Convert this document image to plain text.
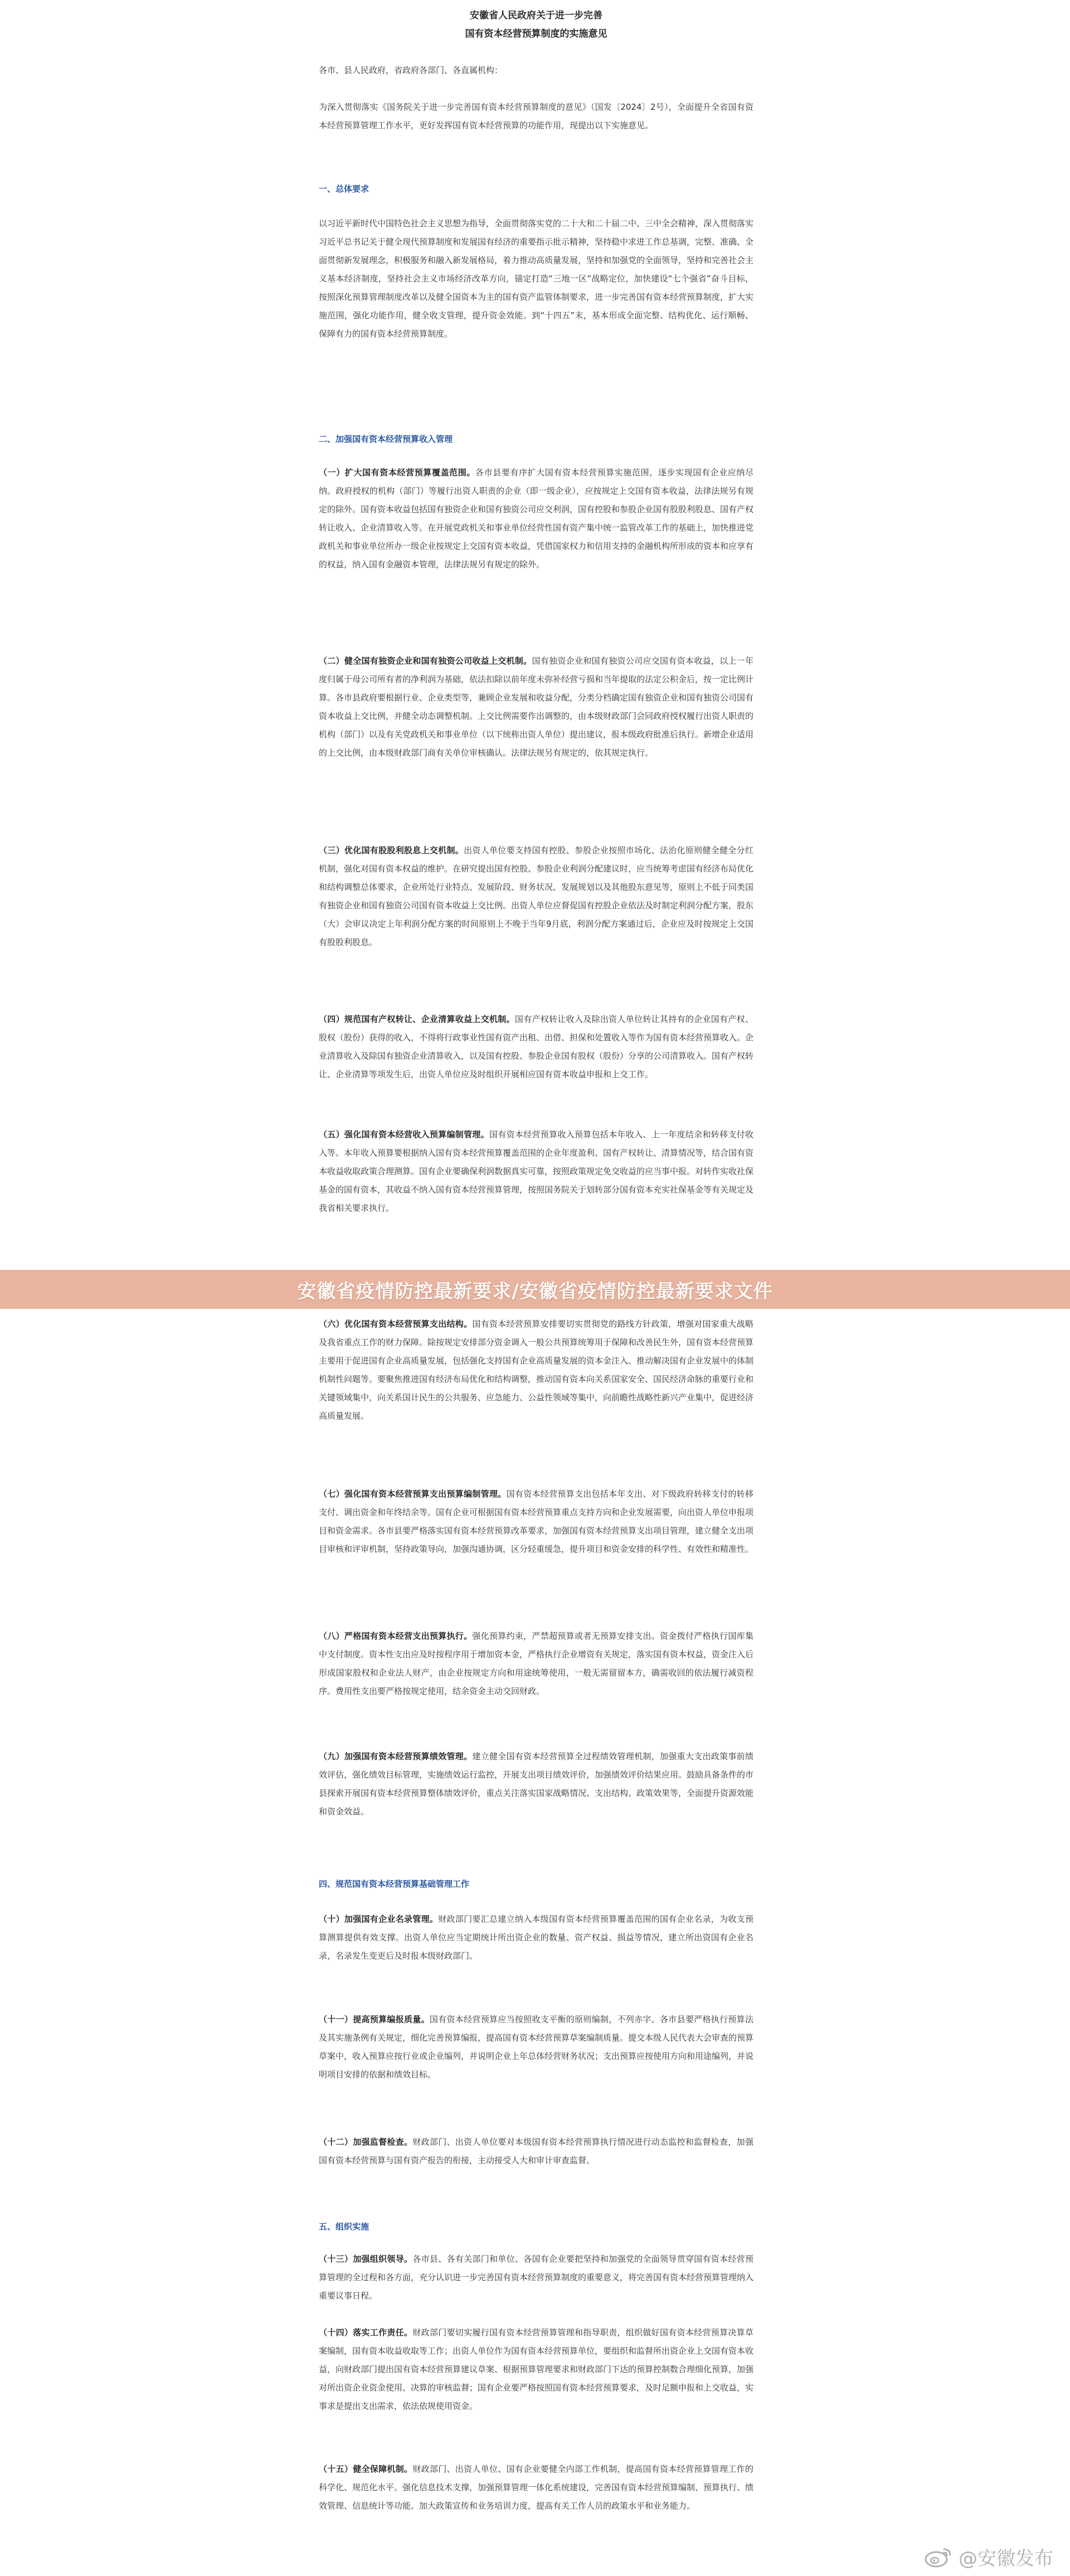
安徽省人民政府关于进一步完善
国有资本经营预算制度的实施意见

各市、县人民政府，省政府各部门、各直属机构：

为深入贯彻落实《国务院关于进一步完善国有资本经营预算制度的意见》（国发〔2024〕2号），全面提升全省国有资本经营预算管理工作水平，更好发挥国有资本经营预算的功能作用，现提出以下实施意见。

一、总体要求

以习近平新时代中国特色社会主义思想为指导，全面贯彻落实党的二十大和二十届二中、三中全会精神，深入贯彻落实习近平总书记关于健全现代预算制度和发展国有经济的重要指示批示精神，坚持稳中求进工作总基调，完整、准确、全面贯彻新发展理念，积极服务和融入新发展格局，着力推动高质量发展，坚持和加强党的全面领导，坚持和完善社会主义基本经济制度，坚持社会主义市场经济改革方向，锚定打造“三地一区”战略定位，加快建设“七个强省”奋斗目标，按照深化预算管理制度改革以及健全国资本为主的国有资产监管体制要求，进一步完善国有资本经营预算制度，扩大实施范围，强化功能作用，健全收支管理，提升资金效能。到“十四五”末，基本形成全面完整、结构优化、运行顺畅、保障有力的国有资本经营预算制度。

二、加强国有资本经营预算收入管理

（一）扩大国有资本经营预算覆盖范围。各市县要有序扩大国有资本经营预算实施范围，逐步实现国有企业应纳尽纳。政府授权的机构（部门）等履行出资人职责的企业（即一级企业），应按规定上交国有资本收益，法律法规另有规定的除外。国有资本收益包括国有独资企业和国有独资公司应交利润，国有控股和参股企业国有股股利股息、国有产权转让收入、企业清算收入等。在开展党政机关和事业单位经营性国有资产集中统一监管改革工作的基础上，加快推进党政机关和事业单位所办一级企业按规定上交国有资本收益，凭借国家权力和信用支持的金融机构所形成的资本和应享有的权益，纳入国有金融资本管理，法律法规另有规定的除外。

（二）健全国有独资企业和国有独资公司收益上交机制。国有独资企业和国有独资公司应交国有资本收益，以上一年度归属于母公司所有者的净利润为基础，依法扣除以前年度未弥补经营亏损和当年提取的法定公积金后，按一定比例计算。各市县政府要根据行业、企业类型等，兼顾企业发展和收益分配，分类分档确定国有独资企业和国有独资公司国有资本收益上交比例，并健全动态调整机制。上交比例需要作出调整的，由本级财政部门会同政府授权履行出资人职责的机构（部门）以及有关党政机关和事业单位（以下统称出资人单位）提出建议，报本级政府批准后执行。新增企业适用的上交比例，由本级财政部门商有关单位审核确认。法律法规另有规定的，依其规定执行。

（三）优化国有股股利股息上交机制。出资人单位要支持国有控股、参股企业按照市场化、法治化原则健全健全分红机制，强化对国有资本权益的维护。在研究提出国有控股、参股企业利润分配建议时，应当统筹考虑国有经济布局优化和结构调整总体要求，企业所处行业特点、发展阶段、财务状况、发展规划以及其他股东意见等，原则上不低于同类国有独资企业和国有独资公司国有资本收益上交比例。出资人单位应督促国有控股企业依法及时制定利润分配方案，股东（大）会审议决定上年利润分配方案的时间原则上不晚于当年9月底，利润分配方案通过后，企业应及时按规定上交国有股股利股息。

（四）规范国有产权转让、企业清算收益上交机制。国有产权转让收入及除出资人单位转让其持有的企业国有产权、股权（股份）获得的收入，不得将行政事业性国有资产出租、出借、担保和处置收入等作为国有资本经营预算收入。企业清算收入及除国有独资企业清算收入，以及国有控股、参股企业国有股权（股份）分享的公司清算收入。国有产权转让、企业清算等项发生后，出资人单位应及时组织开展相应国有资本收益申报和上交工作。

（五）强化国有资本经营收入预算编制管理。国有资本经营预算收入预算包括本年收入、上一年度结余和转移支付收入等。本年收入预算要根据纳入国有资本经营预算覆盖范围的企业年度盈利、国有产权转让、清算情况等，结合国有资本收益收取政策合理测算。国有企业要确保利润数据真实可靠，按照政策规定免交收益的应当事中报。对转作实收社保基金的国有资本，其收益不纳入国有资本经营预算管理，按照国务院关于划转部分国有资本充实社保基金等有关规定及我省相关要求执行。

（六）优化国有资本经营预算支出结构。国有资本经营预算安排要切实贯彻党的路线方针政策，增强对国家重大战略及我省重点工作的财力保障。除按规定安排部分资金调入一般公共预算统筹用于保障和改善民生外，国有资本经营预算主要用于促进国有企业高质量发展，包括强化支持国有企业高质量发展的资本金注入、推动解决国有企业发展中的体制机制性问题等。要聚焦推进国有经济布局优化和结构调整，推动国有资本向关系国家安全、国民经济命脉的重要行业和关键领域集中，向关系国计民生的公共服务、应急能力、公益性领域等集中，向前瞻性战略性新兴产业集中，促进经济高质量发展。

（七）强化国有资本经营预算支出预算编制管理。国有资本经营预算支出包括本年支出、对下级政府转移支付的转移支付、调出资金和年终结余等。国有企业可根据国有资本经营预算重点支持方向和企业发展需要，向出资人单位申报项目和资金需求。各市县要严格落实国有资本经营预算改革要求，加强国有资本经营预算支出项目管理，建立健全支出项目审核和评审机制，坚持政策导向，加强沟通协调，区分轻重缓急，提升项目和资金安排的科学性、有效性和精准性。

（八）严格国有资本经营支出预算执行。强化预算约束，严禁超预算或者无预算安排支出。资金拨付严格执行国库集中支付制度。资本性支出应及时按程序用于增加资本金，严格执行企业增资有关规定，落实国有资本权益，资金注入后形成国家股权和企业法人财产，由企业按规定方向和用途统筹使用，一般无需留留本方，确需收回的依法履行减资程序。费用性支出要严格按规定使用，结余资金主动交回财政。

（九）加强国有资本经营预算绩效管理。建立健全国有资本经营预算全过程绩效管理机制，加强重大支出政策事前绩效评估，强化绩效目标管理，实施绩效运行监控，开展支出项目绩效评价，加强绩效评价结果应用。鼓励具备条件的市县探索开展国有资本经营预算整体绩效评价，重点关注落实国家战略情况、支出结构、政策效果等，全面提升资源效能和资金效益。

四、规范国有资本经营预算基础管理工作

（十）加强国有企业名录管理。财政部门要汇总建立纳入本级国有资本经营预算覆盖范围的国有企业名录，为收支预算测算提供有效支撑。出资人单位应当定期统计所出资企业的数量、资产权益、损益等情况，建立所出资国有企业名录，名录发生变更后及时报本级财政部门。

（十一）提高预算编报质量。国有资本经营预算应当按照收支平衡的原则编制，不列赤字。各市县要严格执行预算法及其实施条例有关规定，细化完善预算编报，提高国有资本经营预算草案编制质量。提交本级人民代表大会审查的预算草案中，收入预算应按行业或企业编列，并说明企业上年总体经营财务状况；支出预算应按使用方向和用途编列，并说明项目安排的依据和绩效目标。

（十二）加强监督检查。财政部门、出资人单位要对本级国有资本经营预算执行情况进行动态监控和监督检查，加强国有资本经营预算与国有资产报告的衔接，主动接受人大和审计审查监督。

五、组织实施

（十三）加强组织领导。各市县、各有关部门和单位、各国有企业要把坚持和加强党的全面领导贯穿国有资本经营预算管理的全过程和各方面，充分认识进一步完善国有资本经营预算制度的重要意义，将完善国有资本经营预算管理纳入重要议事日程。

（十四）落实工作责任。财政部门要切实履行国有资本经营预算管理和指导职责，组织做好国有资本经营预算决算草案编制，国有资本收益收取等工作；出资人单位作为国有资本经营预算单位，要组织和监督所出资企业上交国有资本收益，向财政部门提出国有资本经营预算建议草案、根据预算管理要求和财政部门下达的预算控制数合理细化预算，加强对所出资企业资金使用、决算的审核监督；国有企业要严格按照国有资本经营预算要求，及时足额申报和上交收益，实事求是提出支出需求，依法依规使用资金。

（十五）健全保障机制。财政部门、出资人单位、国有企业要健全内部工作机制，提高国有资本经营预算管理工作的科学化、规范化水平。强化信息技术支撑，加强预算管理一体化系统建设，完善国有资本经营预算编制、预算执行、绩效管理、信息统计等功能。加大政策宣传和业务培训力度，提高有关工作人员的政策水平和业务能力。

安徽省疫情防控最新要求/安徽省疫情防控最新要求文件
@安徽发布
